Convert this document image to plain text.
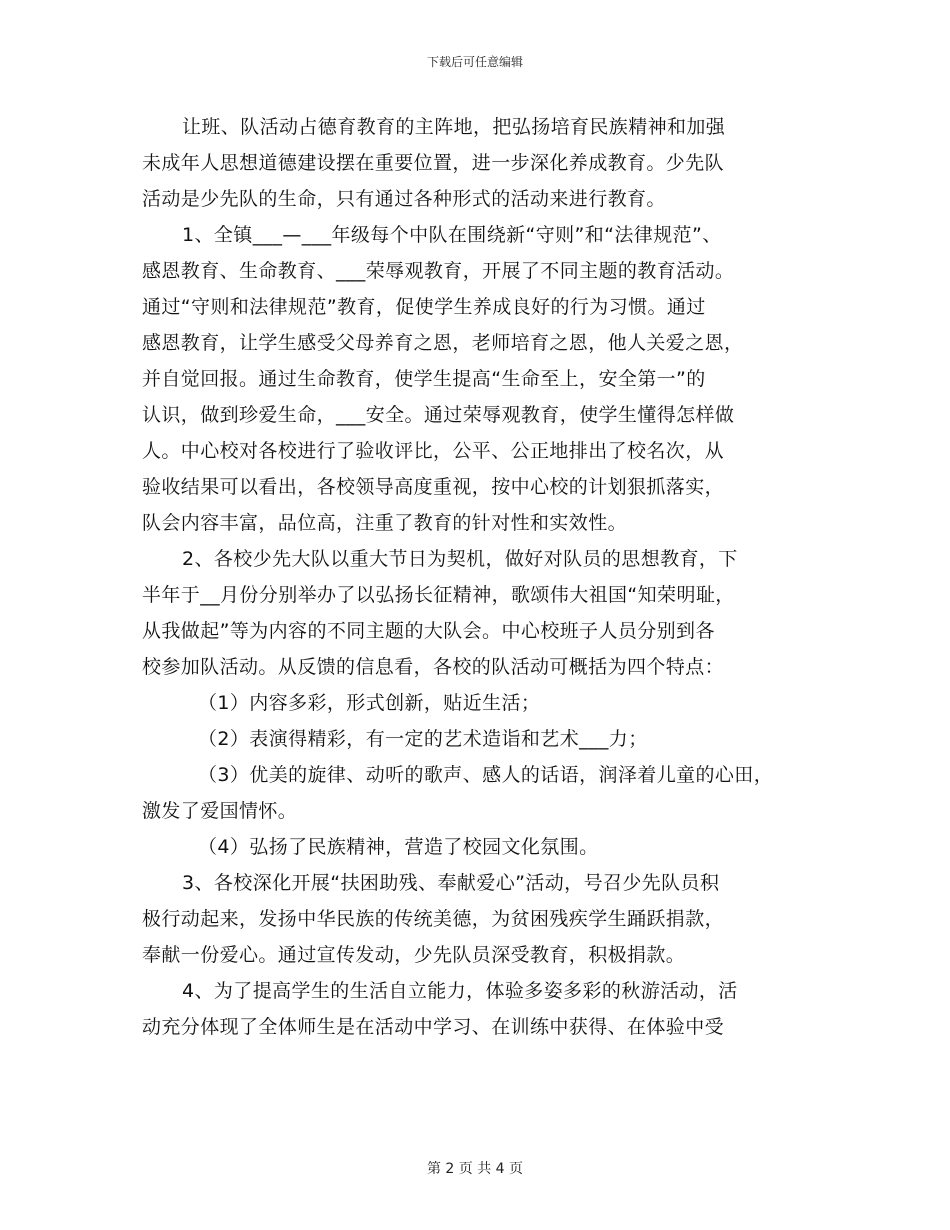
下载后可任意编辑
让班、队活动占德育教育的主阵地，把弘扬培育民族精神和加强
未成年人思想道德建设摆在重要位置，进一步深化养成教育。少先队
活动是少先队的生命，只有通过各种形式的活动来进行教育。
1、全镇___—___年级每个中队在围绕新“守则”和“法律规范”、
感恩教育、生命教育、___荣辱观教育，开展了不同主题的教育活动。
通过“守则和法律规范”教育，促使学生养成良好的行为习惯。通过
感恩教育，让学生感受父母养育之恩，老师培育之恩，他人关爱之恩，
并自觉回报。通过生命教育，使学生提高“生命至上，安全第一”的
认识，做到珍爱生命，___安全。通过荣辱观教育，使学生懂得怎样做
人。中心校对各校进行了验收评比，公平、公正地排出了校名次，从
验收结果可以看出，各校领导高度重视，按中心校的计划狠抓落实，
队会内容丰富，品位高，注重了教育的针对性和实效性。
2、各校少先大队以重大节日为契机，做好对队员的思想教育，下
半年于__月份分别举办了以弘扬长征精神，歌颂伟大祖国“知荣明耻，
从我做起”等为内容的不同主题的大队会。中心校班子人员分别到各
校参加队活动。从反馈的信息看，各校的队活动可概括为四个特点：
（1）内容多彩，形式创新，贴近生活；
（2）表演得精彩，有一定的艺术造诣和艺术___力；
（3）优美的旋律、动听的歌声、感人的话语，润泽着儿童的心田，
激发了爱国情怀。
（4）弘扬了民族精神，营造了校园文化氛围。
3、各校深化开展“扶困助残、奉献爱心”活动，号召少先队员积
极行动起来，发扬中华民族的传统美德，为贫困残疾学生踊跃捐款，
奉献一份爱心。通过宣传发动，少先队员深受教育，积极捐款。
4、为了提高学生的生活自立能力，体验多姿多彩的秋游活动，活
动充分体现了全体师生是在活动中学习、在训练中获得、在体验中受
第 2 页 共 4 页
